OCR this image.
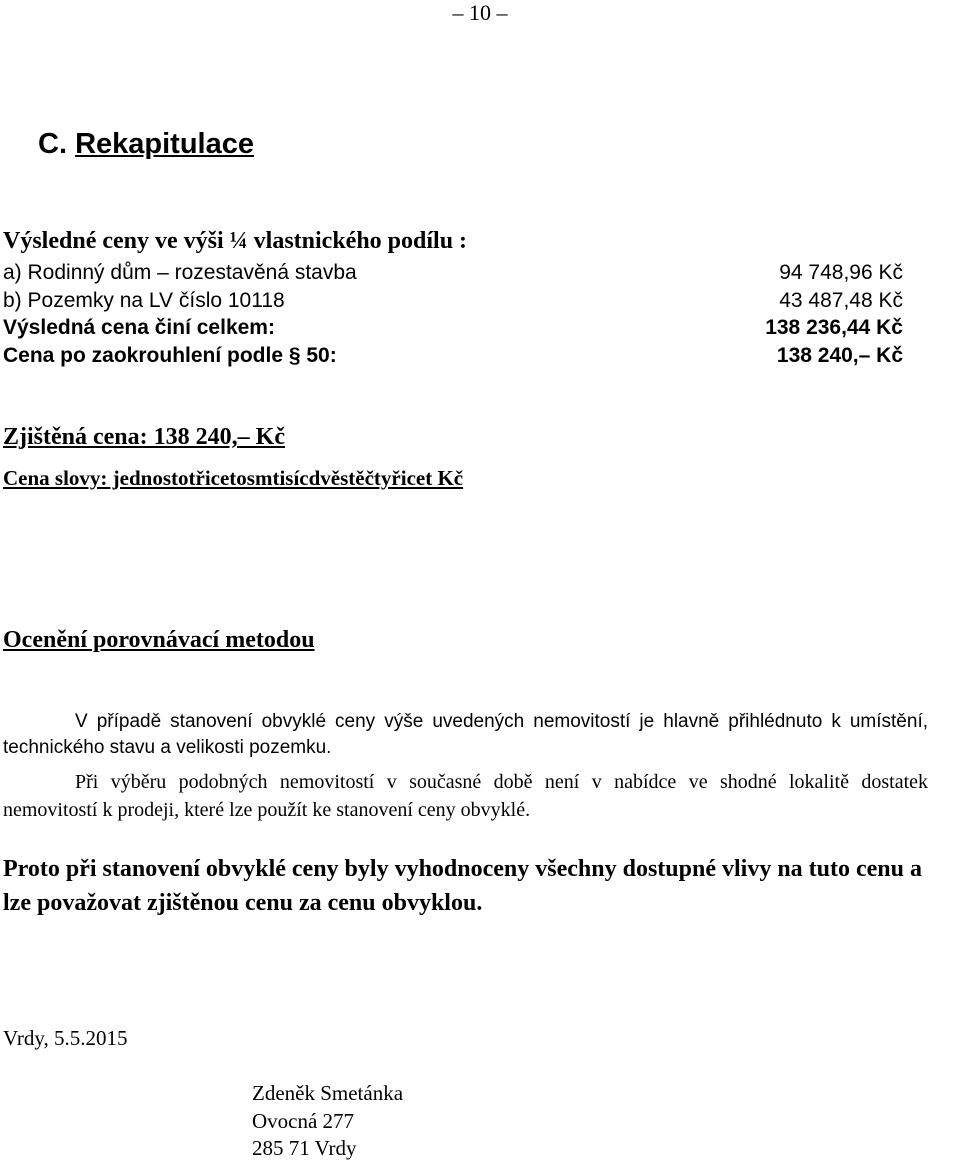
– 10 –
C. Rekapitulace
Výsledné ceny ve výši ¼ vlastnického podílu :
a) Rodinný dům – rozestavěná stavba	94 748,96 Kč
b) Pozemky na LV číslo 10118	43 487,48 Kč
Výsledná cena činí celkem:	138 236,44 Kč
Cena po zaokrouhlení podle § 50:	138 240,– Kč
Zjištěná cena: 138 240,– Kč
Cena slovy: jednostotřicetosmtisícdvěstěčtyřicet Kč
Ocenění porovnávací metodou
V případě stanovení obvyklé ceny výše uvedených nemovitostí je hlavně přihlédnuto k umístění, technického stavu a velikosti pozemku.
Při výběru podobných nemovitostí v současné době není v nabídce ve shodné lokalitě dostatek nemovitostí k prodeji, které lze použít ke stanovení ceny obvyklé.
Proto při stanovení obvyklé ceny byly vyhodnoceny všechny dostupné vlivy na tuto cenu a lze považovat zjištěnou cenu za cenu obvyklou.
Vrdy, 5.5.2015
Zdeněk Smetánka
Ovocná 277
285 71 Vrdy
